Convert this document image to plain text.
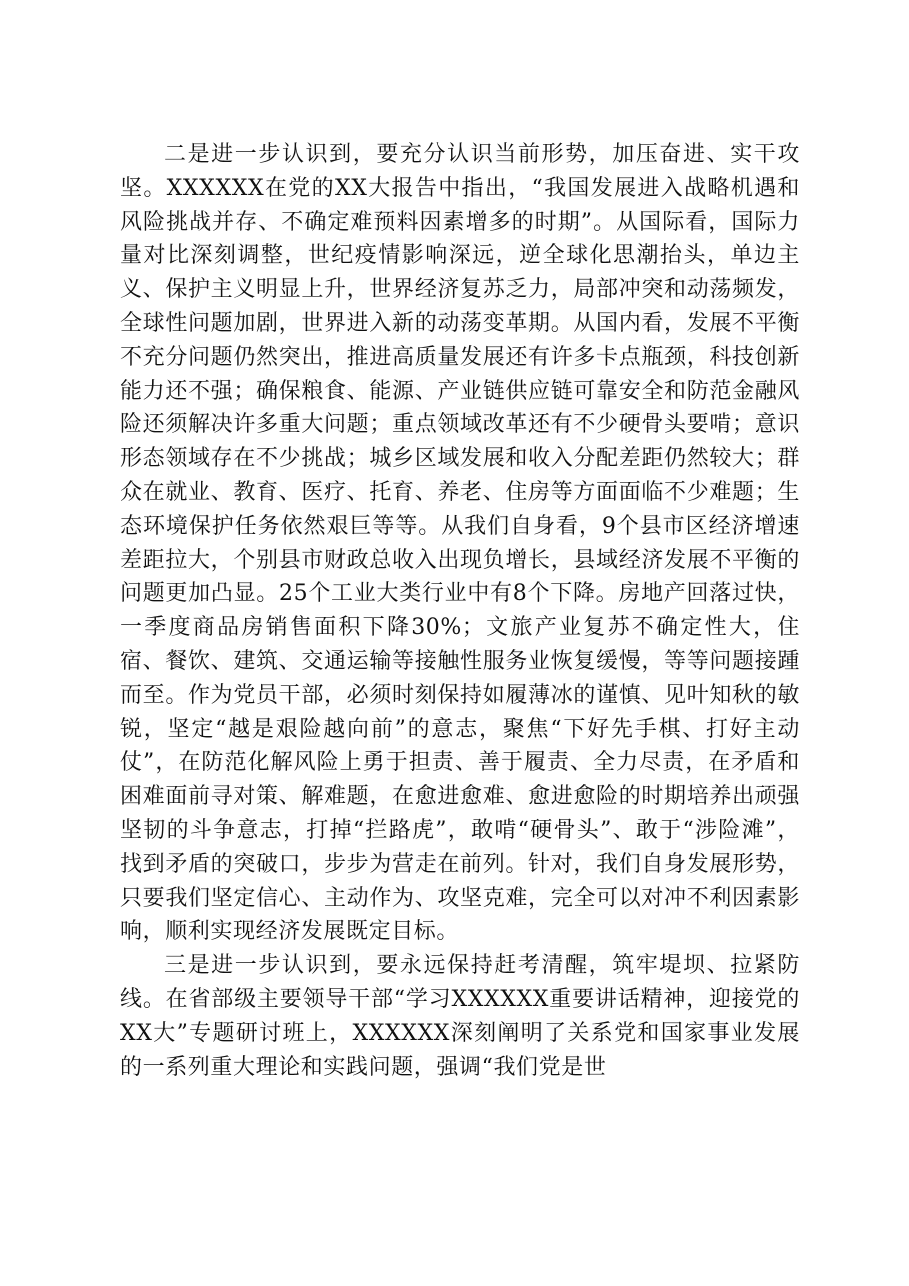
二是进一步认识到，要充分认识当前形势，加压奋进、实干攻坚。XXXXXX在党的XX大报告中指出，“我国发展进入战略机遇和风险挑战并存、不确定难预料因素增多的时期”。从国际看，国际力量对比深刻调整，世纪疫情影响深远，逆全球化思潮抬头，单边主义、保护主义明显上升，世界经济复苏乏力，局部冲突和动荡频发，全球性问题加剧，世界进入新的动荡变革期。从国内看，发展不平衡不充分问题仍然突出，推进高质量发展还有许多卡点瓶颈，科技创新能力还不强；确保粮食、能源、产业链供应链可靠安全和防范金融风险还须解决许多重大问题；重点领域改革还有不少硬骨头要啃；意识形态领域存在不少挑战；城乡区域发展和收入分配差距仍然较大；群众在就业、教育、医疗、托育、养老、住房等方面面临不少难题；生态环境保护任务依然艰巨等等。从我们自身看，9个县市区经济增速差距拉大，个别县市财政总收入出现负增长，县域经济发展不平衡的问题更加凸显。25个工业大类行业中有8个下降。房地产回落过快，一季度商品房销售面积下降30%；文旅产业复苏不确定性大，住宿、餐饮、建筑、交通运输等接触性服务业恢复缓慢，等等问题接踵而至。作为党员干部，必须时刻保持如履薄冰的谨慎、见叶知秋的敏锐，坚定“越是艰险越向前”的意志，聚焦“下好先手棋、打好主动仗”，在防范化解风险上勇于担责、善于履责、全力尽责，在矛盾和困难面前寻对策、解难题，在愈进愈难、愈进愈险的时期培养出顽强坚韧的斗争意志，打掉“拦路虎”，敢啃“硬骨头”、敢于“涉险滩”，找到矛盾的突破口，步步为营走在前列。针对，我们自身发展形势，只要我们坚定信心、主动作为、攻坚克难，完全可以对冲不利因素影响，顺利实现经济发展既定目标。

三是进一步认识到，要永远保持赶考清醒，筑牢堤坝、拉紧防线。在省部级主要领导干部“学习XXXXXX重要讲话精神，迎接党的XX大”专题研讨班上，XXXXXX深刻阐明了关系党和国家事业发展的一系列重大理论和实践问题，强调“我们党是世
